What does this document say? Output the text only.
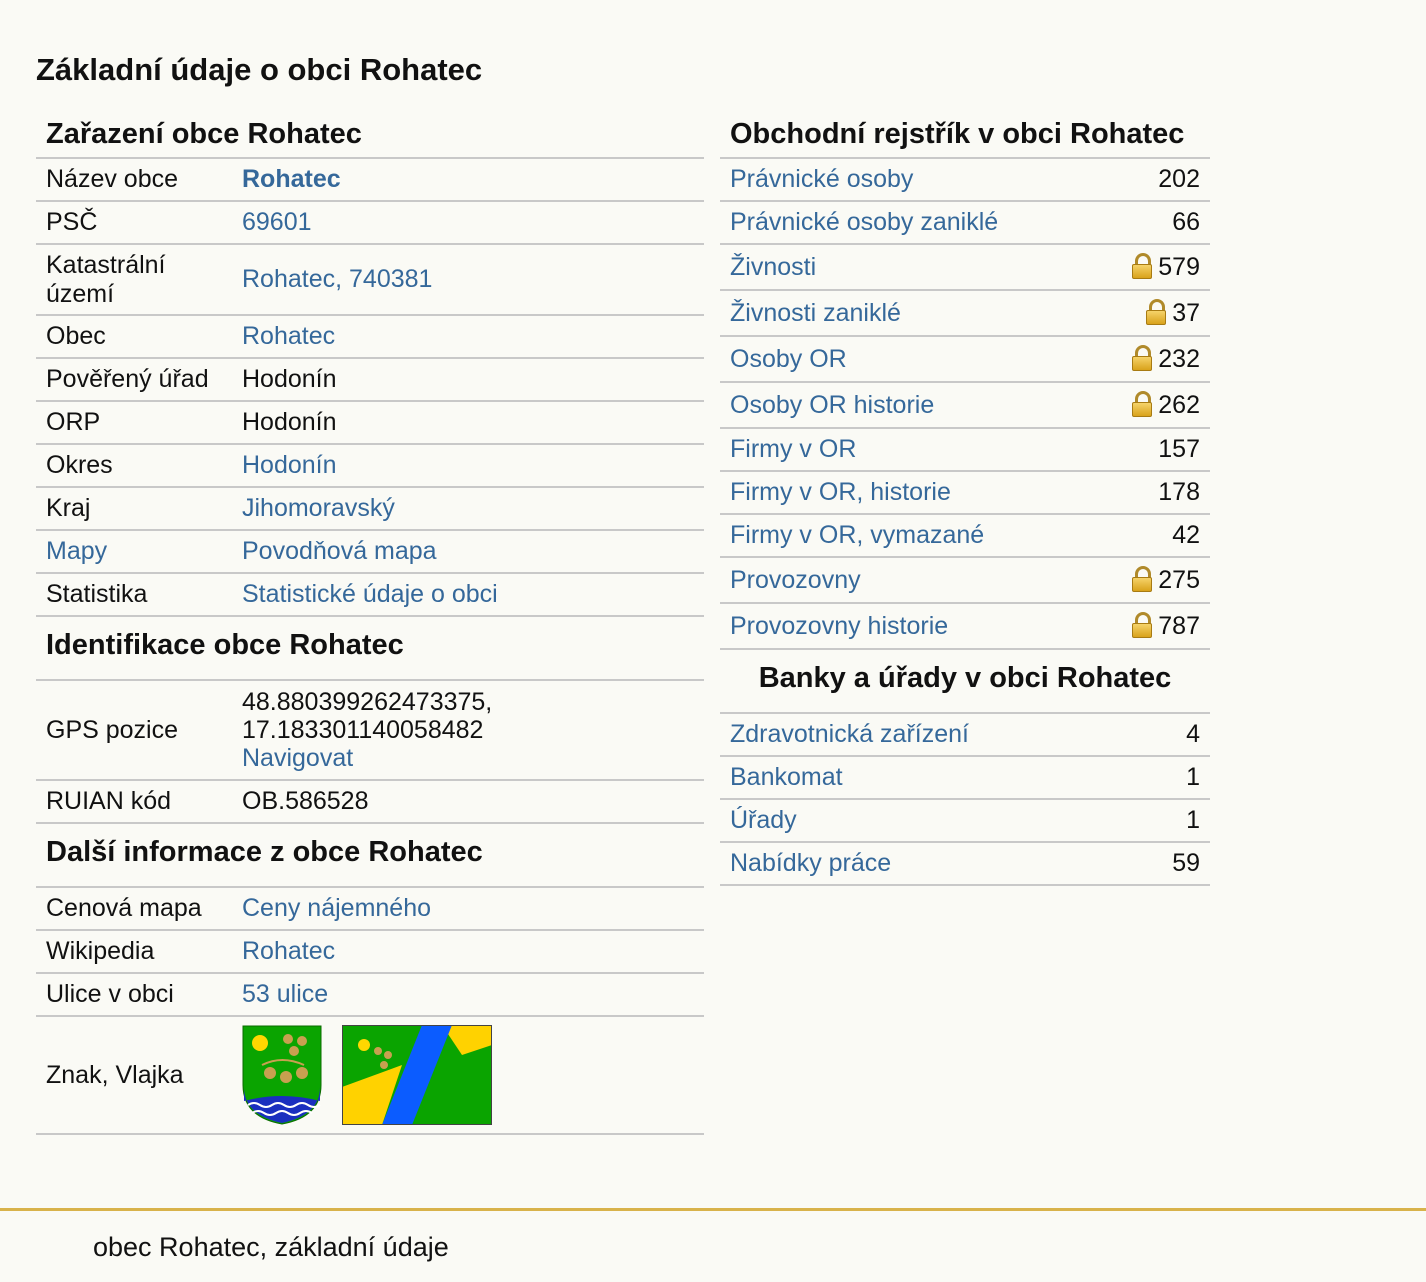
Základní údaje o obci Rohatec
Zařazení obce Rohatec
Název obce	Rohatec
PSČ	69601
Katastrální území	Rohatec, 740381
Obec	Rohatec
Pověřený úřad	Hodonín
ORP	Hodonín
Okres	Hodonín
Kraj	Jihomoravský
Mapy	Povodňová mapa
Statistika	Statistické údaje o obci
Identifikace obce Rohatec
GPS pozice	48.880399262473375,
17.183301140058482
Navigovat
RUIAN kód	OB.586528
Další informace z obce Rohatec
Cenová mapa	Ceny nájemného
Wikipedia	Rohatec
Ulice v obci	53 ulice
Znak, Vlajka	
Obchodní rejstřík v obci Rohatec
Právnické osoby	202
Právnické osoby zaniklé	66
Živnosti	579
Živnosti zaniklé	37
Osoby OR	232
Osoby OR historie	262
Firmy v OR	157
Firmy v OR, historie	178
Firmy v OR, vymazané	42
Provozovny	275
Provozovny historie	787
Banky a úřady v obci Rohatec
Zdravotnická zařízení	4
Bankomat	1
Úřady	1
Nabídky práce	59
obec Rohatec, základní údaje
